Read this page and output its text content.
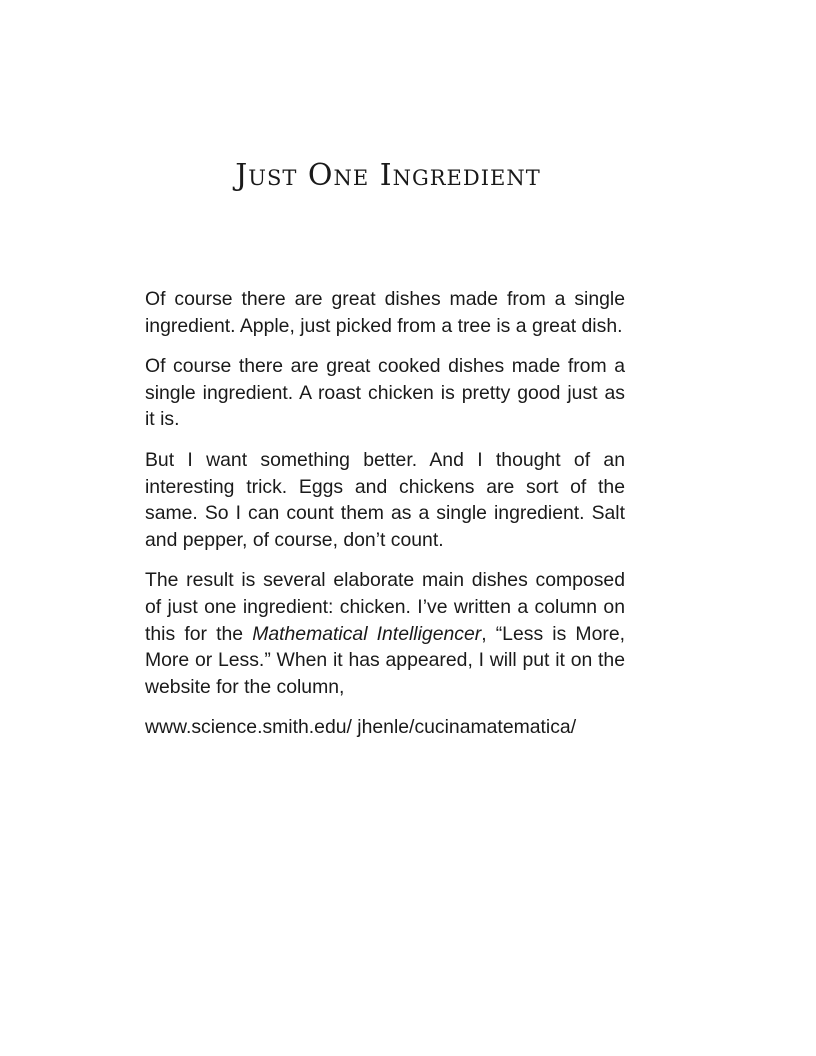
Just One Ingredient

Of course there are great dishes made from a single ingredient. Apple, just picked from a tree is a great dish.

Of course there are great cooked dishes made from a single ingredient. A roast chicken is pretty good just as it is.

But I want something better. And I thought of an interesting trick. Eggs and chickens are sort of the same. So I can count them as a single ingredient. Salt and pepper, of course, don’t count.

The result is several elaborate main dishes composed of just one ingredient: chicken. I’ve written a column on this for the Mathematical Intelligencer, “Less is More, More or Less.” When it has appeared, I will put it on the website for the column,

www.science.smith.edu/ jhenle/cucinamatematica/
